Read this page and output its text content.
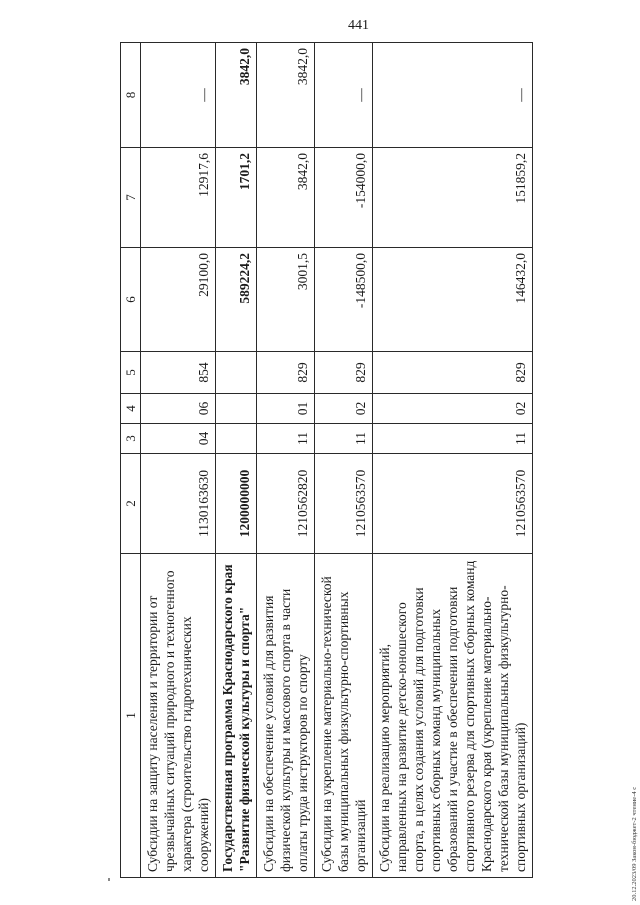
441
1	2	3	4	5	6	7	8
Субсидии на защиту населения и территории от чрезвычайных ситуаций природного и техногенного характера (строительство гидротехнических сооружений)	1130163630	04	06	854	29100,0	12917,6	—
Государственная программа Краснодарского края "Развитие физической культуры и спорта"	1200000000				589224,2	1701,2	3842,0
Субсидии на обеспечение условий для развития физической культуры и массового спорта в части оплаты труда инструкторов по спорту	1210562820	11	01	829	3001,5	3842,0	3842,0
Субсидии на укрепление материально-технической базы муниципальных физкультурно-спортивных организаций	1210563570	11	02	829	-148500,0	-154000,0	—
Субсидии на реализацию мероприятий, направленных на развитие детско-юношеского спорта, в целях создания условий для подготовки спортивных сборных команд муниципальных образований и участие в обеспечении подготовки спортивного резерва для спортивных сборных команд Краснодарского края (укрепление материально-технической базы муниципальных физкультурно-спортивных организаций)	1210563570	11	02	829	146432,0	151859,2	—
20.12.2023/09 Закон-бюджет-2 чтение-4 с
